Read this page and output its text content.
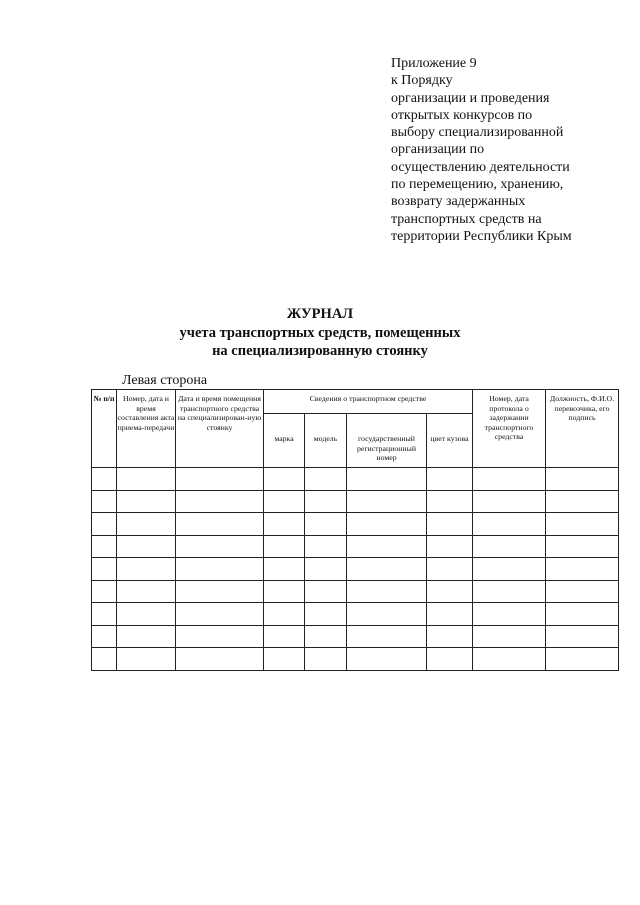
Приложение 9
к Порядку
организации и проведения
открытых конкурсов по
выбору специализированной
организации по
осуществлению деятельности
по перемещению, хранению,
возврату задержанных
транспортных средств на
территории Республики Крым
ЖУРНАЛ
учета транспортных средств, помещенных
на специализированную стоянку
Левая сторона
№ п/п	Номер, дата и время составления акта приема-передачи	Дата и время помещения транспортного средства на специализирован-ную стоянку	Сведения о транспортном средстве				Номер, дата протокола о задержании транспортного средства	Должность, Ф.И.О. перевозчика, его подпись
			марка	модель	государственный регистрационный номер	цвет кузова		
